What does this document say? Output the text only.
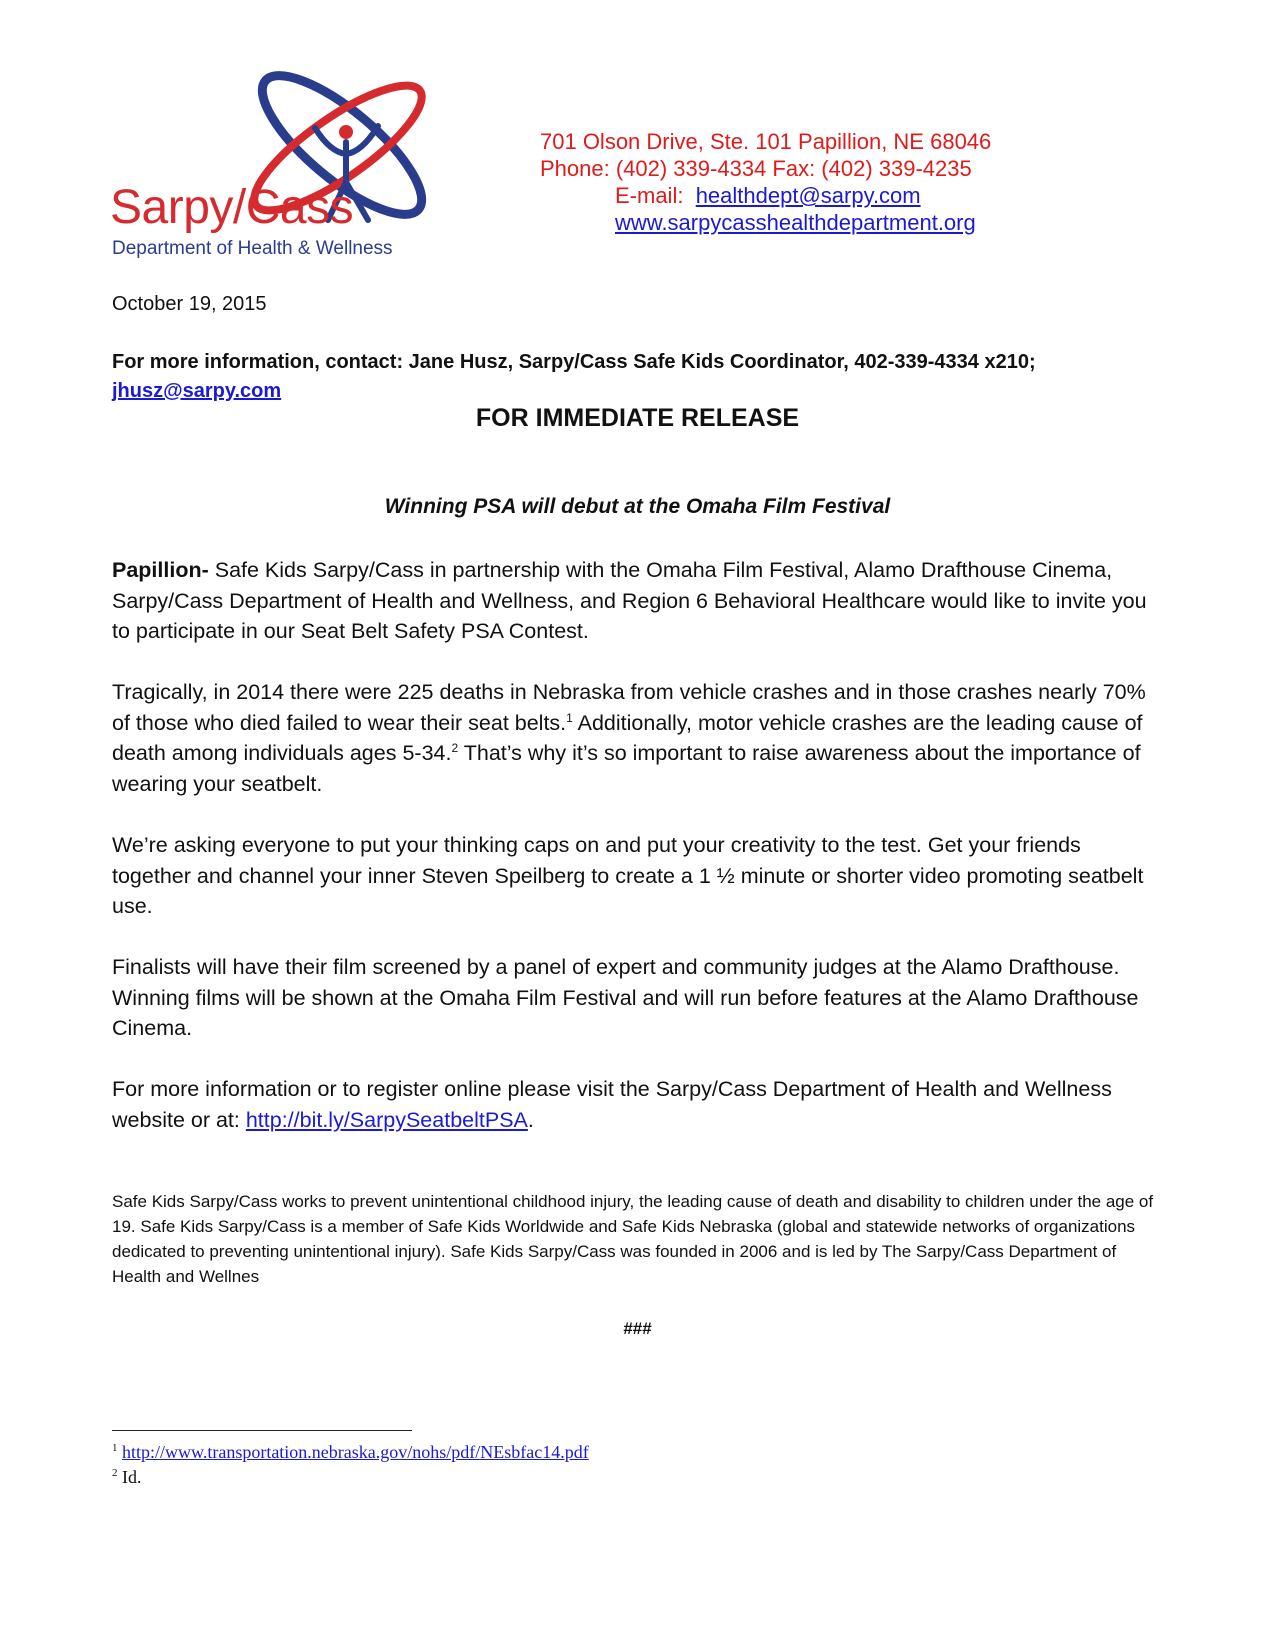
Sarpy/Cass
Department of Health & Wellness
701 Olson Drive, Ste. 101 Papillion, NE 68046
Phone: (402) 339-4334 Fax: (402) 339-4235
E-mail:  healthdept@sarpy.com
www.sarpycasshealthdepartment.org
October 19, 2015
For more information, contact: Jane Husz, Sarpy/Cass Safe Kids Coordinator, 402-339-4334 x210;
jhusz@sarpy.com
FOR IMMEDIATE RELEASE
Winning PSA will debut at the Omaha Film Festival
Papillion- Safe Kids Sarpy/Cass in partnership with the Omaha Film Festival, Alamo Drafthouse Cinema, Sarpy/Cass Department of Health and Wellness, and Region 6 Behavioral Healthcare would like to invite you to participate in our Seat Belt Safety PSA Contest.
Tragically, in 2014 there were 225 deaths in Nebraska from vehicle crashes and in those crashes nearly 70% of those who died failed to wear their seat belts.$^1$ Additionally, motor vehicle crashes are the leading cause of death among individuals ages 5-34.$^2$ That’s why it’s so important to raise awareness about the importance of wearing your seatbelt.
We’re asking everyone to put your thinking caps on and put your creativity to the test. Get your friends together and channel your inner Steven Speilberg to create a 1 ½ minute or shorter video promoting seatbelt use.
Finalists will have their film screened by a panel of expert and community judges at the Alamo Drafthouse. Winning films will be shown at the Omaha Film Festival and will run before features at the Alamo Drafthouse Cinema.
For more information or to register online please visit the Sarpy/Cass Department of Health and Wellness website or at: http://bit.ly/SarpySeatbeltPSA.
Safe Kids Sarpy/Cass works to prevent unintentional childhood injury, the leading cause of death and disability to children under the age of 19. Safe Kids Sarpy/Cass is a member of Safe Kids Worldwide and Safe Kids Nebraska (global and statewide networks of organizations dedicated to preventing unintentional injury). Safe Kids Sarpy/Cass was founded in 2006 and is led by The Sarpy/Cass Department of Health and Wellnes
###
$^1$ http://www.transportation.nebraska.gov/nohs/pdf/NEsbfac14.pdf
$^2$ Id.
